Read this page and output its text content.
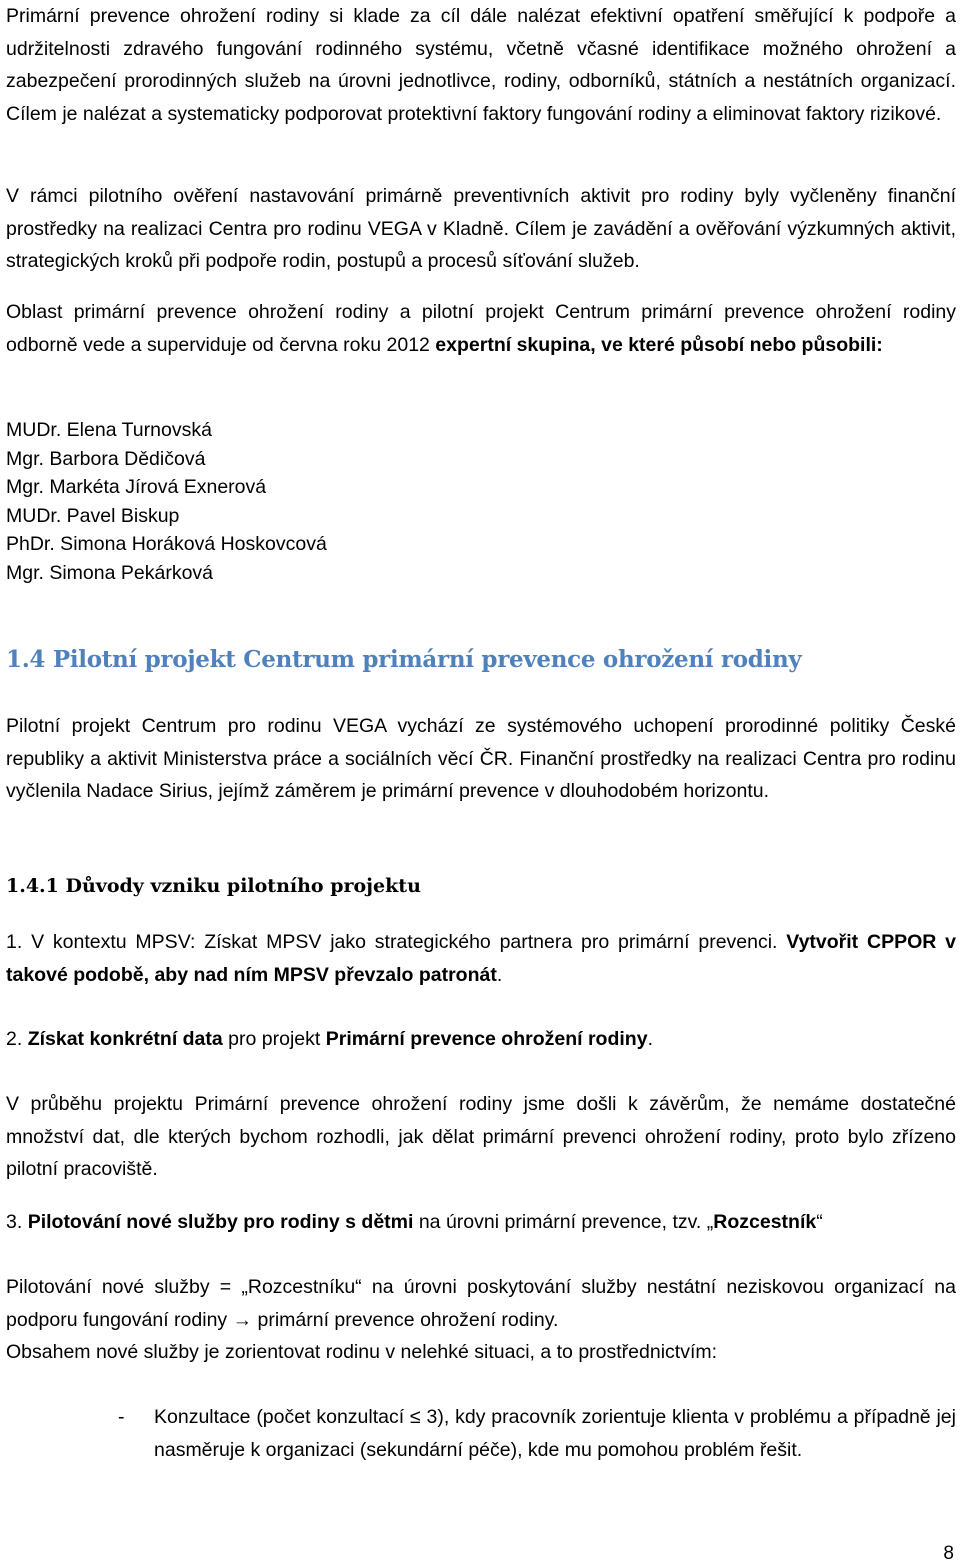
Primární prevence ohrožení rodiny si klade za cíl dále nalézat efektivní opatření směřující k podpoře a udržitelnosti zdravého fungování rodinného systému, včetně včasné identifikace možného ohrožení a zabezpečení prorodinných služeb na úrovni jednotlivce, rodiny, odborníků, státních a nestátních organizací. Cílem je nalézat a systematicky podporovat protektivní faktory fungování rodiny a eliminovat faktory rizikové.

V rámci pilotního ověření nastavování primárně preventivních aktivit pro rodiny byly vyčleněny finanční prostředky na realizaci Centra pro rodinu VEGA v Kladně. Cílem je zavádění a ověřování výzkumných aktivit, strategických kroků při podpoře rodin, postupů a procesů síťování služeb.

Oblast primární prevence ohrožení rodiny a pilotní projekt Centrum primární prevence ohrožení rodiny odborně vede a superviduje od června roku 2012 expertní skupina, ve které působí nebo působili:

MUDr. Elena Turnovská
Mgr. Barbora Dědičová
Mgr. Markéta Jírová Exnerová
MUDr. Pavel Biskup
PhDr. Simona Horáková Hoskovcová
Mgr. Simona Pekárková
1.4 Pilotní projekt Centrum primární prevence ohrožení rodiny

Pilotní projekt Centrum pro rodinu VEGA vychází ze systémového uchopení prorodinné politiky České republiky a aktivit Ministerstva práce a sociálních věcí ČR. Finanční prostředky na realizaci Centra pro rodinu vyčlenila Nadace Sirius, jejímž záměrem je primární prevence v dlouhodobém horizontu.

1.4.1 Důvody vzniku pilotního projektu

1. V kontextu MPSV: Získat MPSV jako strategického partnera pro primární prevenci. Vytvořit CPPOR v takové podobě, aby nad ním MPSV převzalo patronát.

2. Získat konkrétní data pro projekt Primární prevence ohrožení rodiny.

V průběhu projektu Primární prevence ohrožení rodiny jsme došli k závěrům, že nemáme dostatečné množství dat, dle kterých bychom rozhodli, jak dělat primární prevenci ohrožení rodiny, proto bylo zřízeno pilotní pracoviště.

3. Pilotování nové služby pro rodiny s dětmi na úrovni primární prevence, tzv. „Rozcestník“

Pilotování nové služby = „Rozcestníku“ na úrovni poskytování služby nestátní neziskovou organizací na podporu fungování rodiny → primární prevence ohrožení rodiny.

Obsahem nové služby je zorientovat rodinu v nelehké situaci, a to prostřednictvím:

- Konzultace (počet konzultací ≤ 3), kdy pracovník zorientuje klienta v problému a případně jej nasměruje k organizaci (sekundární péče), kde mu pomohou problém řešit.
8
